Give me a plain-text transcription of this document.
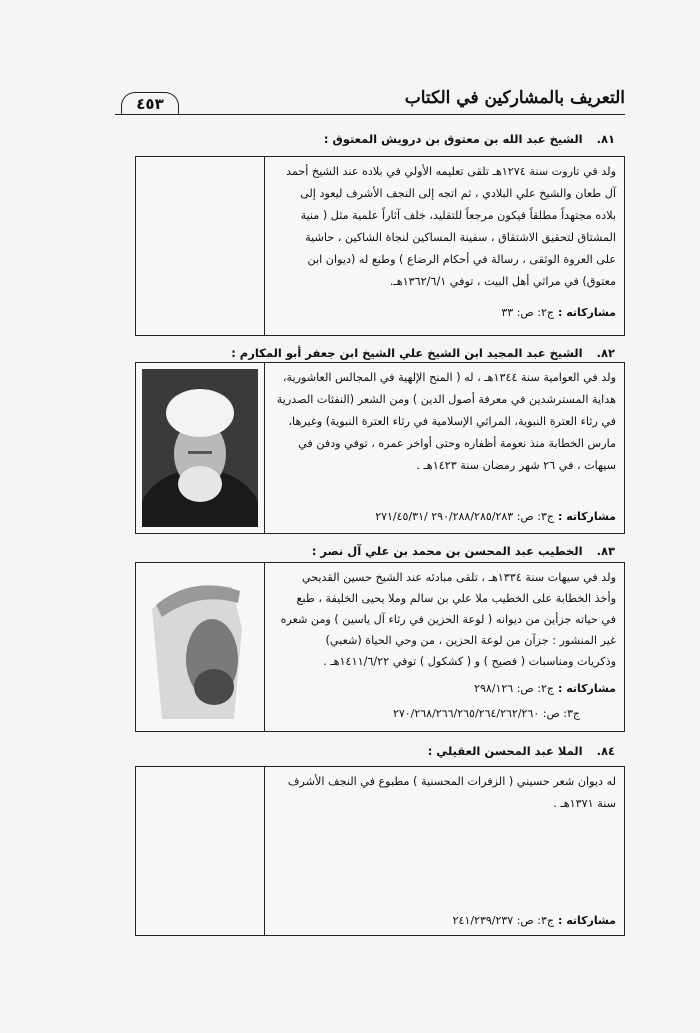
التعريف بالمشاركين في الكتاب
٤٥٣
٨١.الشيخ عبد الله بن معتوق بن درويش المعتوق :

ولد في تاروت سنة ١٢٧٤هـ تلقى تعليمه الأولي في بلاده عند الشيخ أحمد

آل طعان والشيخ علي البلادي ، ثم اتجه إلى النجف الأشرف ليعود إلى

بلاده مجتهداً مطلقاً فيكون مرجعاً للتقليد، خلف آثاراً علمية مثل ( منية

المشتاق لتحقيق الاشتقاق ، سفينة المساكين لنجاة الشاكين ، حاشية

على العروة الوثقى ، رسالة في أحكام الرضاع ) وطبع له (ديوان ابن

معتوق) في مراثي أهل البيت ، توفي ١٣٦٢/٦/١هـ.

مشاركاته :ج٢: ص: ٣٣
٨٢.الشيخ عبد المجيد ابن الشيخ علي الشيخ ابن جعفر أبو المكارم :

ولد في العوامية سنة ١٣٤٤هـ ، له ( المنح الإلهية في المجالس العاشورية،

هداية المسترشدين في معرفة أصول الدين ) ومن الشعر (النفثات الصدرية

في رثاء العترة النبوية، المراثي الإسلامية في رثاء العترة النبوية) وغيرها،

مارس الخطابة منذ نعومة أظفاره وحتى أواخر عمره ، توفي ودفن في

سيهات ، في ٢٦ شهر رمضان سنة ١٤٢٣هـ .

مشاركاته :ج٣: ص: ٢٩٠/٢٨٨/٢٨٥/٢٨٣ /٢٧١/٤٥/٣١
٨٣.الخطيب عبد المحسن بن محمد بن علي آل نصر :

ولد في سيهات سنة ١٣٣٤هـ ، تلقى مبادئه عند الشيخ حسين القديحي

وأخذ الخطابة على الخطيب ملا علي بن سالم وملا يحيى الخليفة ، طبع

في حياته جزأين من ديوانه ( لوعة الحزين في رثاء آل ياسين ) ومن شعره

غير المنشور : جزآن من لوعة الحزين ، من وحي الحياة (شعبي)

وذكريات ومناسبات ( فصيح ) و ( كشكول ) توفي ١٤١١/٦/٢٢هـ .

مشاركاته :ج٢: ص: ٢٩٨/١٢٦
ج٣: ص: ٢٧٠/٢٦٨/٢٦٦/٢٦٥/٢٦٤/٢٦٢/٢٦٠
٨٤.الملا عبد المحسن العقيلي :

له ديوان شعر حسيني ( الزفرات المحسنية ) مطبوع في النجف الأشرف

سنة ١٣٧١هـ .

مشاركاته :ج٣: ص: ٢٤١/٢٣٩/٢٣٧
